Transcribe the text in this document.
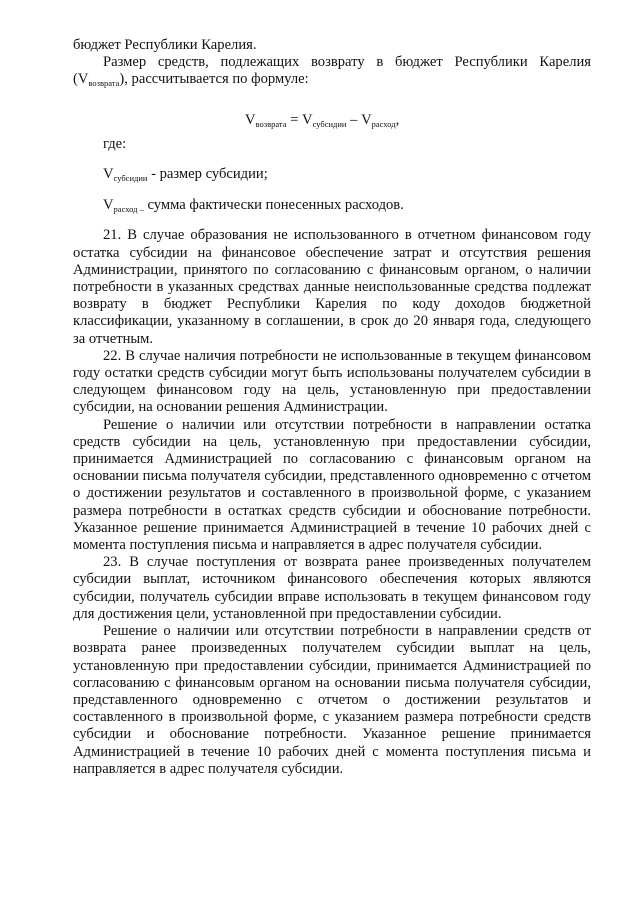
бюджет Республики Карелия.

Размер средств, подлежащих возврату в бюджет Республики Карелия $(V_{возврата})$, рассчитывается по формуле:

$V_{возврата} = V_{субсидии} - V_{расход}$,

где:

$V_{субсидии}$ - размер субсидии;

$V_{расход -}$ сумма фактически понесенных расходов.

21. В случае образования не использованного в отчетном финансовом году остатка субсидии на финансовое обеспечение затрат и отсутствия решения Администрации, принятого по согласованию с финансовым органом, о наличии потребности в указанных средствах данные неиспользованные средства подлежат возврату в бюджет Республики Карелия по коду доходов бюджетной классификации, указанному в соглашении, в срок до 20 января года, следующего за отчетным.

22. В случае наличия потребности не использованные в текущем финансовом году остатки средств субсидии могут быть использованы получателем субсидии в следующем финансовом году на цель, установленную при предоставлении субсидии, на основании решения Администрации.

Решение о наличии или отсутствии потребности в направлении остатка средств субсидии на цель, установленную при предоставлении субсидии, принимается Администрацией по согласованию с финансовым органом на основании письма получателя субсидии, представленного одновременно с отчетом о достижении результатов и составленного в произвольной форме, с указанием размера потребности в остатках средств субсидии и обоснование потребности. Указанное решение принимается Администрацией в течение 10 рабочих дней с момента поступления письма и направляется в адрес получателя субсидии.

23. В случае поступления от возврата ранее произведенных получателем субсидии выплат, источником финансового обеспечения которых являются субсидии, получатель субсидии вправе использовать в текущем финансовом году для достижения цели, установленной при предоставлении субсидии.

Решение о наличии или отсутствии потребности в направлении средств от возврата ранее произведенных получателем субсидии выплат на цель, установленную при предоставлении субсидии, принимается Администрацией по согласованию с финансовым органом на основании письма получателя субсидии, представленного одновременно с отчетом о достижении результатов и составленного в произвольной форме, с указанием размера потребности средств субсидии и обоснование потребности. Указанное решение принимается Администрацией в течение 10 рабочих дней с момента поступления письма и направляется в адрес получателя субсидии.
